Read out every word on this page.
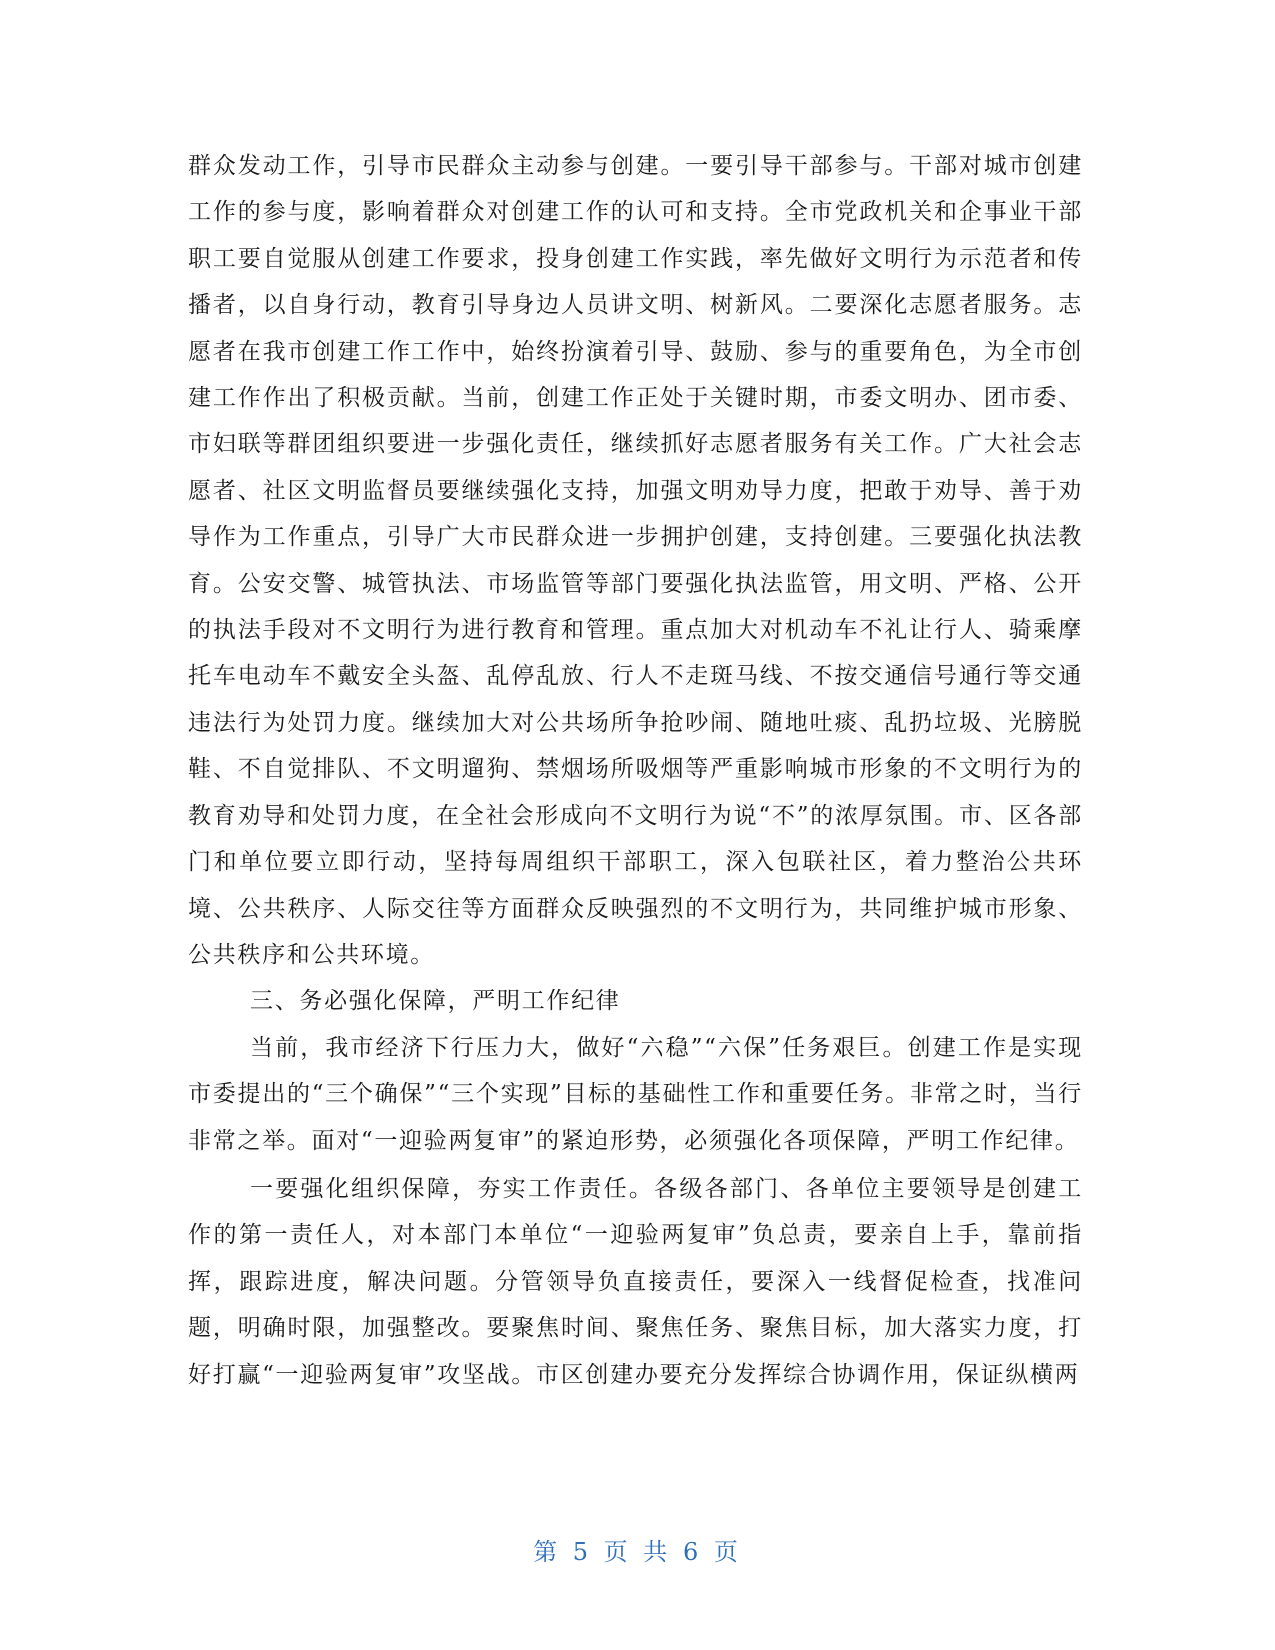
群众发动工作，引导市民群众主动参与创建。一要引导干部参与。干部对城市创建工作的参与度，影响着群众对创建工作的认可和支持。全市党政机关和企事业干部职工要自觉服从创建工作要求，投身创建工作实践，率先做好文明行为示范者和传播者，以自身行动，教育引导身边人员讲文明、树新风。二要深化志愿者服务。志愿者在我市创建工作工作中，始终扮演着引导、鼓励、参与的重要角色，为全市创建工作作出了积极贡献。当前，创建工作正处于关键时期，市委文明办、团市委、市妇联等群团组织要进一步强化责任，继续抓好志愿者服务有关工作。广大社会志愿者、社区文明监督员要继续强化支持，加强文明劝导力度，把敢于劝导、善于劝导作为工作重点，引导广大市民群众进一步拥护创建，支持创建。三要强化执法教育。公安交警、城管执法、市场监管等部门要强化执法监管，用文明、严格、公开的执法手段对不文明行为进行教育和管理。重点加大对机动车不礼让行人、骑乘摩托车电动车不戴安全头盔、乱停乱放、行人不走斑马线、不按交通信号通行等交通违法行为处罚力度。继续加大对公共场所争抢吵闹、随地吐痰、乱扔垃圾、光膀脱鞋、不自觉排队、不文明遛狗、禁烟场所吸烟等严重影响城市形象的不文明行为的教育劝导和处罚力度，在全社会形成向不文明行为说“不”的浓厚氛围。市、区各部门和单位要立即行动，坚持每周组织干部职工，深入包联社区，着力整治公共环境、公共秩序、人际交往等方面群众反映强烈的不文明行为，共同维护城市形象、公共秩序和公共环境。

三、务必强化保障，严明工作纪律

当前，我市经济下行压力大，做好“六稳”“六保”任务艰巨。创建工作是实现市委提出的“三个确保”“三个实现”目标的基础性工作和重要任务。非常之时，当行非常之举。面对“一迎验两复审”的紧迫形势，必须强化各项保障，严明工作纪律。

一要强化组织保障，夯实工作责任。各级各部门、各单位主要领导是创建工作的第一责任人，对本部门本单位“一迎验两复审”负总责，要亲自上手，靠前指挥，跟踪进度，解决问题。分管领导负直接责任，要深入一线督促检查，找准问题，明确时限，加强整改。要聚焦时间、聚焦任务、聚焦目标，加大落实力度，打好打赢“一迎验两复审”攻坚战。市区创建办要充分发挥综合协调作用，保证纵横两

第 5 页 共 6 页
